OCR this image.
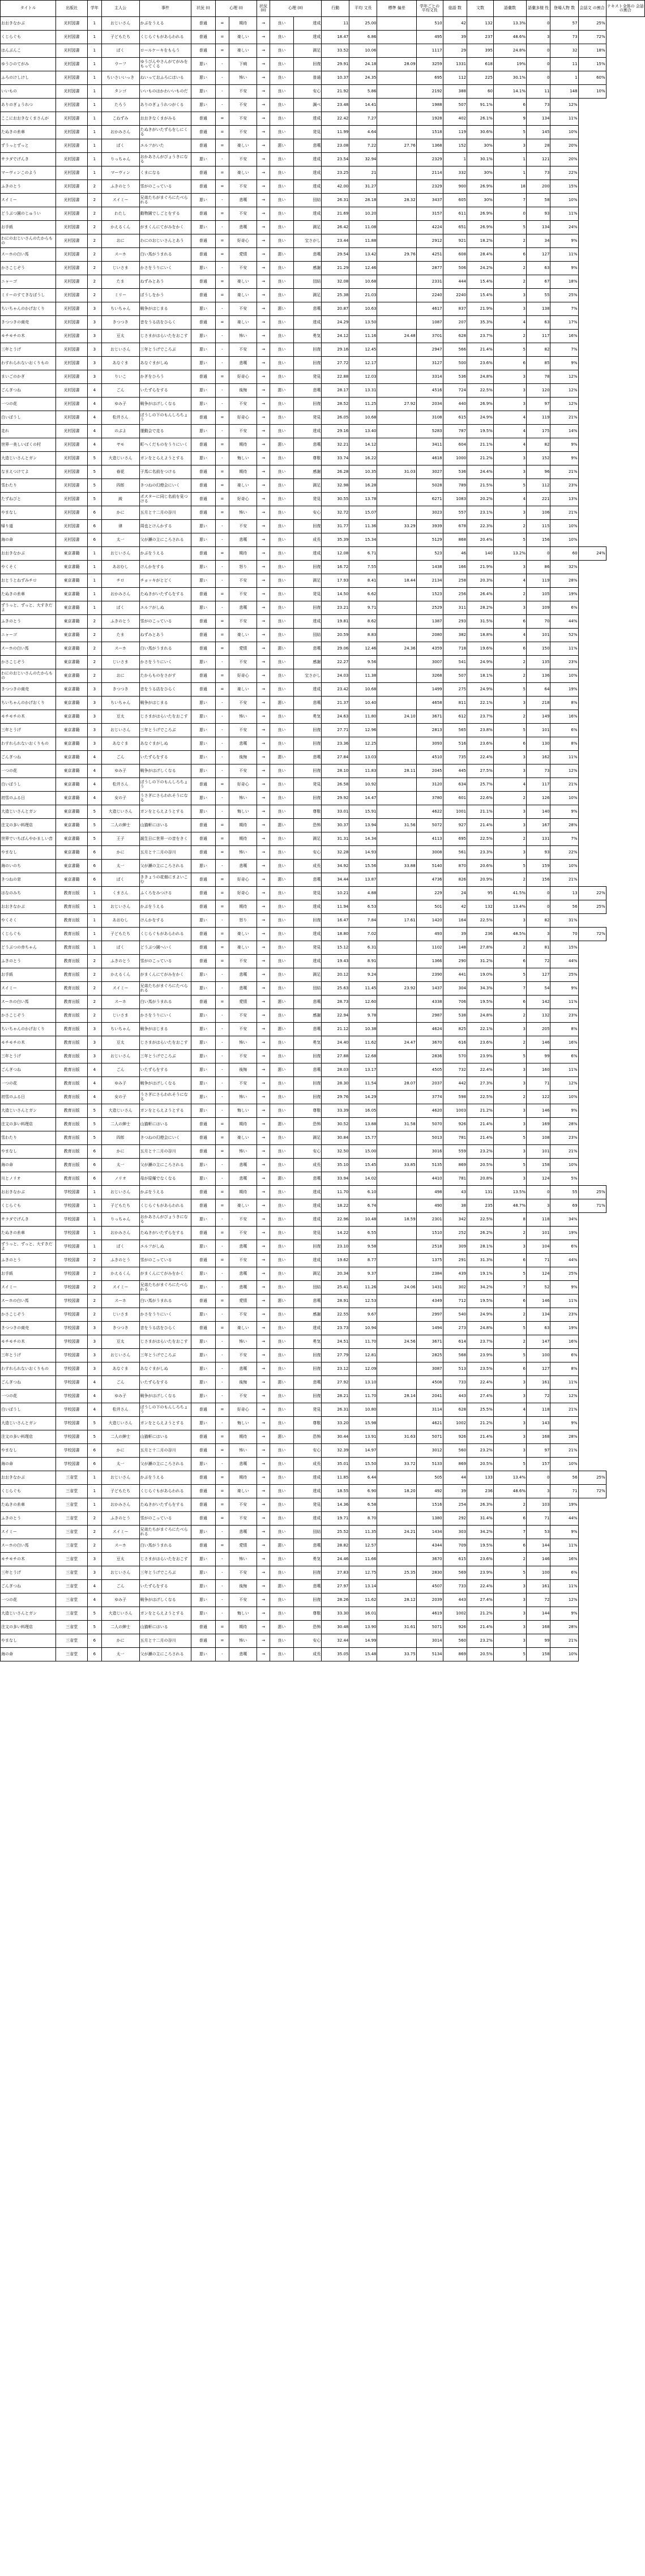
タイトル	出版社	学年	主人公	事件	状況 (I)	心理 (I)		状況 (II)	心理 (II)		行動	平均 文長	標準 偏差	学年ごとの 平均文長	総語 数	文数	語彙数	語彙多様 性	登場人物 数	会話文 の割合	テキスト全体の 会話の割合
おおきなかぶ	光村図書	1	おじいさん	かぶをうえる	普通	=	期待	→	良い	達成	11	25.00		510	42	132	13.3%	0	57	25%	
くじらぐも	光村図書	1	子どもたち	くじらぐもがあらわれる	普通	=	楽しい	→	良い	達成	18.47	6.86		495	39	237	48.6%	3	73	72%	
はんぶんこ	光村図書	1	ぼく	ロールケーキをもらう	普通	=	楽しい	→	良い	満足	33.52	10.06		1117	29	395	24.8%	0	32	18%	
ゆうひのてがみ	光村図書	1	ウーフ	ゆうびんやさんがてがみをもってくる	悪い	-	下痢	→	良い	回復	29.91	24.18	28.09	3259	1331	618	19%	0	11	15%	
ふろのけしけし	光村図書	1	ちいさいいっき	ねいっておふろにはいる	悪い	-	怖い	→	良い	普通	10.37	24.35		695	112	225	30.1%	0	1	60%	
いいもの	光村図書	1	タンゴ	いいものはかわいいものだ	悪い	-	不安	→	良い	安心	21.92	5.86		2192	388	60	14.1%	11	148	10%	
ありのぎょうれつ	光村図書	1	たろう	ありのぎょうれつがくる	悪い	-	不安	→	良い	調べ	23.48	14.41		1988	507	91.1%	6	73	12%		
ここにおおきなくまさんが	光村図書	1	こねずみ	おおきなくまがみる	普通	=	不安	→	良い	達成	22.42	7.27		1928	402	26.1%	9	134	11%		
たぬきの糸車	光村図書	1	おかみさん	たぬきがいたずらをしにくる	普通	=	不安	→	良い	発見	11.99	4.64		1518	119	30.6%	5	145	10%		
ずうっとずっと	光村図書	1	ぼく	エルフがいた	普通	=	楽しい	→	悪い	悲嘆	23.08	7.22	27.76	1368	152	30%	3	28	20%		
サラダでげんき	光村図書	1	りっちゃん	おかあさんがびょうきになる	悪い	-	不安	→	良い	達成	23.54	32.94		2329	1	30.1%	1	121	20%		
マーヴィンこのよう	光村図書	1	マーヴィン	くまになる	普通	=	楽しい	→	良い	達成	23.25	21		2114	332	30%	1	73	22%		
ふきのとう	光村図書	2	ふきのとう	雪がのこっている	普通	=	不安	→	良い	達成	42.00	31.27		2329	900	26.9%	18	200	15%		
スイミー	光村図書	2	スイミー	兄弟たちがまぐろにたべられる	悪い	-	悲嘆	→	良い	団結	26.31	28.18	28.32	3437	605	30%	7	58	10%		
どうぶつ園のじゅうい	光村図書	2	わたし	動物園でしごとをする	普通	=	不安	→	良い	達成	21.69	10.20		3157	611	26.9%	0	93	11%		
お手紙	光村図書	2	かえるくん	がまくんにてがみをかく	悪い	-	悲嘆	→	良い	満足	26.42	11.08		4224	651	26.9%	5	134	24%		
わにのおじいさんのたからもの	光村図書	2	おに	わにのおじいさんとあう	普通	=	好奇心	→	良い	宝さがし	23.44	11.88		2912	921	18.2%	2	34	9%		
スーホの白い馬	光村図書	2	スーホ	白い馬がうまれる	普通	=	愛情	→	悪い	悲嘆	29.54	13.42	29.76	4251	608	28.4%	6	127	11%		
かさこじぞう	光村図書	2	じいさま	かさをうりにいく	悪い	-	不安	→	良い	感謝	21.29	12.46		2877	506	24.2%	2	63	9%		
ニャーゴ	光村図書	2	たま	ねずみとあう	普通	=	楽しい	→	良い	団結	32.08	10.68		2331	444	15.4%	2	67	18%		
ミリーのすてきなぼうし	光村図書	2	ミリー	ぼうしをかう	普通	=	楽しい	→	良い	満足	25.38	21.03		2240	2240	15.4%	3	55	25%		
ちいちゃんのかげおくり	光村図書	3	ちいちゃん	戦争がはじまる	悪い	-	不安	→	悪い	悲嘆	20.87	10.63		4617	837	21.9%	3	138	7%		
きつつきの商売	光村図書	3	きつつき	音をうる店をひらく	普通	=	楽しい	→	良い	達成	24.29	13.50		1087	207	35.3%	4	63	17%		
モチモチの木	光村図書	3	豆太	じさまがはらいたをおこす	悪い	-	怖い	→	良い	勇気	24.12	11.16	24.48	3701	628	23.7%	2	117	16%		
三年とうげ	光村図書	3	おじいさん	三年とうげでころぶ	悪い	-	不安	→	良い	回復	29.16	12.45		2947	566	21.4%	5	82	7%		
わすれられないおくりもの	光村図書	3	あなぐま	あなぐまがしぬ	悪い	-	悲嘆	→	良い	回復	27.72	12.17		3127	500	23.6%	6	85	9%		
まいごのかぎ	光村図書	3	りいこ	かぎをひろう	普通	=	好奇心	→	良い	発見	22.88	12.03		3314	536	24.8%	3	78	12%		
ごんぎつね	光村図書	4	ごん	いたずらをする	悪い	-	後悔	→	悪い	悲嘆	28.17	13.31		4516	724	22.5%	3	120	12%		
一つの花	光村図書	4	ゆみ子	戦争がはげしくなる	悪い	-	不安	→	良い	回復	28.52	11.25	27.92	2034	440	26.9%	3	97	12%		
白いぼうし	光村図書	4	松井さん	ぼうしの下のもんしろちょう	普通	=	好奇心	→	良い	発見	26.05	10.68		3108	615	24.9%	4	119	21%		
走れ	光村図書	4	のぶよ	運動会で走る	悪い	-	不安	→	良い	達成	29.16	13.40		5283	787	19.5%	4	175	14%		
世界一美しいぼくの村	光村図書	4	ヤモ	町へくだものをうりにいく	普通	=	期待	→	悪い	悲嘆	32.21	14.12		3411	604	21.1%	4	82	9%		
大造じいさんとガン	光村図書	5	大造じいさん	ガンをとらえようとする	悪い	-	悔しい	→	良い	尊敬	33.74	16.22		4618	1000	21.2%	3	152	9%		
なまえつけてよ	光村図書	5	春花	子馬に名前をつける	普通	=	期待	→	良い	感謝	26.28	10.35	31.03	3027	536	24.4%	3	96	21%		
雪わたり	光村図書	5	四郎	きつねの幻燈会にいく	普通	=	楽しい	→	良い	満足	32.98	16.28		5028	789	21.5%	5	112	23%		
たずねびと	光村図書	5	綾	ポスターに同じ名前を見つける	普通	=	好奇心	→	良い	発見	30.55	13.78		6271	1083	20.2%	4	221	13%		
やまなし	光村図書	6	かに	五月と十二月の谷川	普通	=	怖い	→	良い	安心	32.72	15.07		3023	557	23.1%	3	106	21%		
帰り道	光村図書	6	律	周也とけんかする	悪い	-	不安	→	良い	回復	31.77	11.36	33.29	3939	678	22.3%	2	115	10%		
海の命	光村図書	6	太一	父が瀬の主にころされる	悪い	-	悲嘆	→	良い	成長	35.39	15.34		5129	868	20.4%	5	156	10%		
おおきなかぶ	東京書籍	1	おじいさん	かぶをうえる	普通	=	期待	→	良い	達成	12.08	6.71		523	46	140	13.2%	0	60	24%	
やくそく	東京書籍	1	あおむし	けんかをする	悪い	-	怒り	→	良い	回復	16.72	7.55		1438	166	21.9%	3	86	32%		
おとうとねずみチロ	東京書籍	1	チロ	チョッキがとどく	悪い	-	不安	→	良い	満足	17.93	8.41	18.44	2134	258	20.3%	4	119	28%		
たぬきの糸車	東京書籍	1	おかみさん	たぬきがいたずらをする	普通	=	不安	→	良い	発見	14.50	6.62		1523	256	26.4%	2	105	19%		
ずうっと、ずっと、大すきだよ	東京書籍	1	ぼく	エルフがしぬ	悪い	-	悲嘆	→	良い	回復	23.21	9.71		2529	311	28.2%	3	109	6%		
ふきのとう	東京書籍	2	ふきのとう	雪がのこっている	普通	=	不安	→	良い	達成	19.81	8.62		1387	293	31.5%	6	70	44%		
ニャーゴ	東京書籍	2	たま	ねずみとあう	普通	=	楽しい	→	良い	団結	20.59	8.83		2080	382	18.8%	4	101	52%		
スーホの白い馬	東京書籍	2	スーホ	白い馬がうまれる	普通	=	愛情	→	悪い	悲嘆	29.06	12.46	24.36	4359	718	19.6%	6	150	11%		
かさこじぞう	東京書籍	2	じいさま	かさをうりにいく	悪い	-	不安	→	良い	感謝	22.27	9.56		3007	541	24.9%	2	135	23%		
わにのおじいさんのたからもの	東京書籍	2	おに	たからものをさがす	普通	=	好奇心	→	良い	宝さがし	24.03	11.38		3268	507	18.1%	2	136	10%		
きつつきの商売	東京書籍	3	きつつき	音をうる店をひらく	普通	=	楽しい	→	良い	達成	23.42	10.68		1499	275	24.9%	5	64	19%		
ちいちゃんのかげおくり	東京書籍	3	ちいちゃん	戦争がはじまる	悪い	-	不安	→	悪い	悲嘆	21.37	10.40		4658	811	22.1%	3	218	8%		
モチモチの木	東京書籍	3	豆太	じさまがはらいたをおこす	悪い	-	怖い	→	良い	勇気	24.63	11.80	24.10	3671	612	23.7%	2	149	16%		
三年とうげ	東京書籍	3	おじいさん	三年とうげでころぶ	悪い	-	不安	→	良い	回復	27.71	12.96		2813	565	23.8%	5	101	6%		
わすれられないおくりもの	東京書籍	3	あなぐま	あなぐまがしぬ	悪い	-	悲嘆	→	良い	回復	23.36	12.25		3093	516	23.6%	6	130	8%		
ごんぎつね	東京書籍	4	ごん	いたずらをする	悪い	-	後悔	→	悪い	悲嘆	27.84	13.03		4510	735	22.4%	3	162	11%		
一つの花	東京書籍	4	ゆみ子	戦争がはげしくなる	悪い	-	不安	→	良い	回復	28.10	11.83	28.11	2045	445	27.5%	3	73	12%		
白いぼうし	東京書籍	4	松井さん	ぼうしの下のもんしろちょう	普通	=	好奇心	→	良い	発見	26.58	10.92		3120	634	25.7%	4	117	21%		
初雪のふる日	東京書籍	4	女の子	うさぎにさらわれそうになる	悪い	-	怖い	→	良い	回復	29.92	14.47		3780	601	22.6%	2	126	10%		
大造じいさんとガン	東京書籍	5	大造じいさん	ガンをとらえようとする	悪い	-	悔しい	→	良い	尊敬	33.01	15.91		4622	1001	21.1%	3	140	9%		
注文の多い料理店	東京書籍	5	二人の紳士	山猫軒にはいる	普通	=	期待	→	悪い	恐怖	30.37	13.94	31.56	5072	927	21.4%	3	167	28%		
世界でいちばんやかましい音	東京書籍	5	王子	誕生日に世界一の音をきく	普通	=	期待	→	良い	満足	31.31	14.34		4113	695	22.5%	2	131	7%		
やまなし	東京書籍	6	かに	五月と十二月の谷川	普通	=	怖い	→	良い	安心	32.28	14.93		3008	561	23.3%	3	93	22%		
海のいのち	東京書籍	6	太一	父が瀬の主にころされる	悪い	-	悲嘆	→	良い	成長	34.92	15.56	33.88	5140	870	20.6%	5	159	10%		
きつねの窓	東京書籍	6	ぼく	ききょうの花畑にまよいこむ	普通	=	好奇心	→	悪い	悲嘆	34.44	13.87		4736	826	20.9%	2	156	21%		
はなのみち	教育出版	1	くまさん	ふくろをみつける	普通	=	好奇心	→	良い	発見	10.21	4.88		229	24	95	41.5%	0	13	22%	
おおきなかぶ	教育出版	1	おじいさん	かぶをうえる	普通	=	期待	→	良い	達成	11.94	6.53		501	42	132	13.4%	0	56	25%	
やくそく	教育出版	1	あおむし	けんかをする	悪い	-	怒り	→	良い	回復	16.47	7.84	17.61	1420	164	22.5%	3	82	31%		
くじらぐも	教育出版	1	子どもたち	くじらぐもがあらわれる	普通	=	楽しい	→	良い	達成	18.80	7.02		493	39	236	48.5%	3	70	72%	
どうぶつの赤ちゃん	教育出版	1	ぼく	どうぶつ園へいく	普通	=	楽しい	→	良い	発見	15.12	6.31		1102	148	27.8%	2	81	15%		
ふきのとう	教育出版	2	ふきのとう	雪がのこっている	普通	=	不安	→	良い	達成	19.43	8.91		1366	290	31.2%	6	72	44%		
お手紙	教育出版	2	かえるくん	がまくんにてがみをかく	悪い	-	悲嘆	→	良い	満足	20.12	9.24		2390	441	19.0%	5	127	25%		
スイミー	教育出版	2	スイミー	兄弟たちがまぐろにたべられる	悪い	-	悲嘆	→	良い	団結	25.63	11.45	23.92	1437	304	34.3%	7	54	9%		
スーホの白い馬	教育出版	2	スーホ	白い馬がうまれる	普通	=	愛情	→	悪い	悲嘆	28.73	12.60		4338	706	19.5%	6	142	11%		
かさこじぞう	教育出版	2	じいさま	かさをうりにいく	悪い	-	不安	→	良い	感謝	22.94	9.78		2987	538	24.8%	2	132	23%		
ちいちゃんのかげおくり	教育出版	3	ちいちゃん	戦争がはじまる	悪い	-	不安	→	悪い	悲嘆	21.12	10.38		4624	825	22.1%	3	205	8%		
モチモチの木	教育出版	3	豆太	じさまがはらいたをおこす	悪い	-	怖い	→	良い	勇気	24.40	11.62	24.47	3670	616	23.6%	2	146	16%		
三年とうげ	教育出版	3	おじいさん	三年とうげでころぶ	悪い	-	不安	→	良い	回復	27.88	12.68		2836	570	23.9%	5	99	6%		
ごんぎつね	教育出版	4	ごん	いたずらをする	悪い	-	後悔	→	悪い	悲嘆	28.03	13.17		4505	732	22.4%	3	160	11%		
一つの花	教育出版	4	ゆみ子	戦争がはげしくなる	悪い	-	不安	→	良い	回復	28.30	11.54	28.07	2037	442	27.3%	3	71	12%		
初雪のふる日	教育出版	4	女の子	うさぎにさらわれそうになる	悪い	-	怖い	→	良い	回復	29.76	14.29		3774	598	22.5%	2	122	10%		
大造じいさんとガン	教育出版	5	大造じいさん	ガンをとらえようとする	悪い	-	悔しい	→	良い	尊敬	33.39	16.05		4620	1003	21.2%	3	146	9%		
注文の多い料理店	教育出版	5	二人の紳士	山猫軒にはいる	普通	=	期待	→	悪い	恐怖	30.52	13.88	31.58	5070	926	21.4%	3	169	28%		
雪わたり	教育出版	5	四郎	きつねの幻燈会にいく	普通	=	楽しい	→	良い	満足	30.84	15.77		5013	781	21.4%	5	108	23%		
やまなし	教育出版	6	かに	五月と十二月の谷川	普通	=	怖い	→	良い	安心	32.50	15.00		3016	559	23.2%	3	101	21%		
海の命	教育出版	6	太一	父が瀬の主にころされる	悪い	-	悲嘆	→	良い	成長	35.10	15.45	33.85	5135	869	20.5%	5	158	10%		
川とノリオ	教育出版	6	ノリオ	母が原爆でなくなる	悪い	-	悲嘆	→	悪い	悲嘆	33.94	14.02		4410	781	20.8%	3	124	5%		
おおきなかぶ	学校図書	1	おじいさん	かぶをうえる	普通	=	期待	→	良い	達成	11.70	6.10		498	43	131	13.5%	0	55	25%	
くじらぐも	学校図書	1	子どもたち	くじらぐもがあらわれる	普通	=	楽しい	→	良い	達成	18.22	6.74		490	38	235	48.7%	3	69	71%	
サラダでげんき	学校図書	1	りっちゃん	おかあさんがびょうきになる	悪い	-	不安	→	良い	達成	22.96	10.48	18.59	2301	342	22.5%	8	118	34%		
たぬきの糸車	学校図書	1	おかみさん	たぬきがいたずらをする	普通	=	不安	→	良い	発見	14.22	6.55		1510	252	26.2%	2	101	19%		
ずうっと、ずっと、大すきだよ	学校図書	1	ぼく	エルフがしぬ	悪い	-	悲嘆	→	良い	回復	23.10	9.58		2518	309	28.1%	3	104	6%		
ふきのとう	学校図書	2	ふきのとう	雪がのこっている	普通	=	不安	→	良い	達成	19.62	8.77		1375	291	31.3%	6	71	44%		
お手紙	学校図書	2	かえるくん	がまくんにてがみをかく	悪い	-	悲嘆	→	良い	満足	20.34	9.37		2384	439	19.1%	5	124	25%		
スイミー	学校図書	2	スイミー	兄弟たちがまぐろにたべられる	悪い	-	悲嘆	→	良い	団結	25.41	11.26	24.06	1431	302	34.2%	7	52	9%		
スーホの白い馬	学校図書	2	スーホ	白い馬がうまれる	普通	=	愛情	→	悪い	悲嘆	28.91	12.53		4349	712	19.5%	6	146	11%		
かさこじぞう	学校図書	2	じいさま	かさをうりにいく	悪い	-	不安	→	良い	感謝	22.55	9.67		2997	540	24.9%	2	134	23%		
きつつきの商売	学校図書	3	きつつき	音をうる店をひらく	普通	=	楽しい	→	良い	達成	23.73	10.94		1494	273	24.8%	5	63	19%		
モチモチの木	学校図書	3	豆太	じさまがはらいたをおこす	悪い	-	怖い	→	良い	勇気	24.51	11.70	24.56	3671	614	23.7%	2	147	16%		
三年とうげ	学校図書	3	おじいさん	三年とうげでころぶ	悪い	-	不安	→	良い	回復	27.79	12.81		2825	568	23.9%	5	100	6%		
わすれられないおくりもの	学校図書	3	あなぐま	あなぐまがしぬ	悪い	-	悲嘆	→	良い	回復	23.12	12.09		3087	513	23.5%	6	127	8%		
ごんぎつね	学校図書	4	ごん	いたずらをする	悪い	-	後悔	→	悪い	悲嘆	27.92	13.10		4508	733	22.4%	3	161	11%		
一つの花	学校図書	4	ゆみ子	戦争がはげしくなる	悪い	-	不安	→	良い	回復	28.21	11.70	28.14	2041	443	27.4%	3	72	12%		
白いぼうし	学校図書	4	松井さん	ぼうしの下のもんしろちょう	普通	=	好奇心	→	良い	発見	26.31	10.80		3114	628	25.5%	4	118	21%		
大造じいさんとガン	学校図書	5	大造じいさん	ガンをとらえようとする	悪い	-	悔しい	→	良い	尊敬	33.20	15.98		4621	1002	21.2%	3	143	9%		
注文の多い料理店	学校図書	5	二人の紳士	山猫軒にはいる	普通	=	期待	→	悪い	恐怖	30.44	13.91	31.63	5071	926	21.4%	3	168	28%		
やまなし	学校図書	6	かに	五月と十二月の谷川	普通	=	怖い	→	良い	安心	32.39	14.97		3012	560	23.2%	3	97	21%		
海の命	学校図書	6	太一	父が瀬の主にころされる	悪い	-	悲嘆	→	良い	成長	35.01	15.50	33.72	5133	869	20.5%	5	157	10%		
おおきなかぶ	三省堂	1	おじいさん	かぶをうえる	普通	=	期待	→	良い	達成	11.85	6.44		505	44	133	13.4%	0	56	25%	
くじらぐも	三省堂	1	子どもたち	くじらぐもがあらわれる	普通	=	楽しい	→	良い	達成	18.55	6.90	18.20	492	39	236	48.6%	3	71	72%	
たぬきの糸車	三省堂	1	おかみさん	たぬきがいたずらをする	普通	=	不安	→	良い	発見	14.36	6.58		1516	254	26.3%	2	103	19%		
ふきのとう	三省堂	2	ふきのとう	雪がのこっている	普通	=	不安	→	良い	達成	19.71	8.70		1380	292	31.4%	6	71	44%		
スイミー	三省堂	2	スイミー	兄弟たちがまぐろにたべられる	悪い	-	悲嘆	→	良い	団結	25.52	11.35	24.21	1434	303	34.2%	7	53	9%		
スーホの白い馬	三省堂	2	スーホ	白い馬がうまれる	普通	=	愛情	→	悪い	悲嘆	28.82	12.57		4344	709	19.5%	6	144	11%		
モチモチの木	三省堂	3	豆太	じさまがはらいたをおこす	悪い	-	怖い	→	良い	勇気	24.46	11.66		3670	615	23.6%	2	146	16%		
三年とうげ	三省堂	3	おじいさん	三年とうげでころぶ	悪い	-	不安	→	良い	回復	27.83	12.75	25.35	2830	569	23.9%	5	100	6%		
ごんぎつね	三省堂	4	ごん	いたずらをする	悪い	-	後悔	→	悪い	悲嘆	27.97	13.14		4507	733	22.4%	3	161	11%		
一つの花	三省堂	4	ゆみ子	戦争がはげしくなる	悪い	-	不安	→	良い	回復	28.26	11.62	28.12	2039	443	27.4%	3	72	12%		
大造じいさんとガン	三省堂	5	大造じいさん	ガンをとらえようとする	悪い	-	悔しい	→	良い	尊敬	33.30	16.01		4619	1002	21.2%	3	144	9%		
注文の多い料理店	三省堂	5	二人の紳士	山猫軒にはいる	普通	=	期待	→	悪い	恐怖	30.48	13.90	31.61	5071	926	21.4%	3	168	28%		
やまなし	三省堂	6	かに	五月と十二月の谷川	普通	=	怖い	→	良い	安心	32.44	14.99		3014	560	23.2%	3	99	21%		
海の命	三省堂	6	太一	父が瀬の主にころされる	悪い	-	悲嘆	→	良い	成長	35.05	15.48	33.75	5134	869	20.5%	5	158	10%		
